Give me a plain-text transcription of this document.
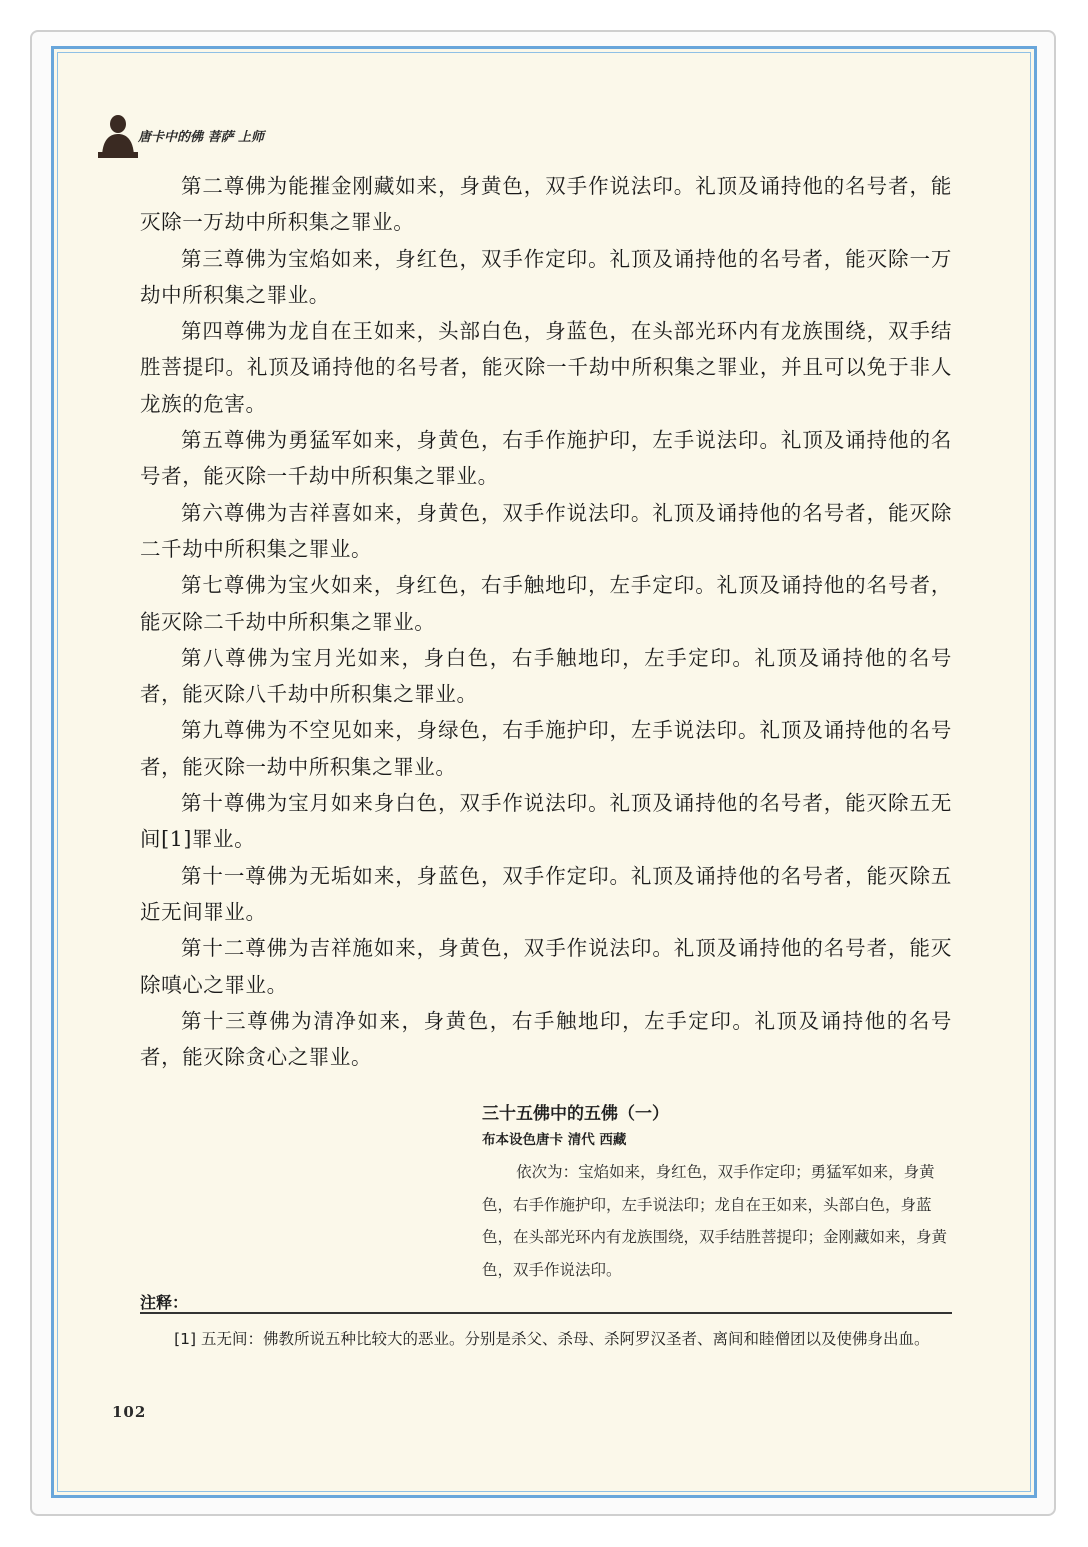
唐卡中的佛 菩萨 上师

第二尊佛为能摧金刚藏如来，身黄色，双手作说法印。礼顶及诵持他的名号者，能灭除一万劫中所积集之罪业。

第三尊佛为宝焰如来，身红色，双手作定印。礼顶及诵持他的名号者，能灭除一万劫中所积集之罪业。

第四尊佛为龙自在王如来，头部白色，身蓝色，在头部光环内有龙族围绕，双手结胜菩提印。礼顶及诵持他的名号者，能灭除一千劫中所积集之罪业，并且可以免于非人龙族的危害。

第五尊佛为勇猛军如来，身黄色，右手作施护印，左手说法印。礼顶及诵持他的名号者，能灭除一千劫中所积集之罪业。

第六尊佛为吉祥喜如来，身黄色，双手作说法印。礼顶及诵持他的名号者，能灭除二千劫中所积集之罪业。

第七尊佛为宝火如来，身红色，右手触地印，左手定印。礼顶及诵持他的名号者，能灭除二千劫中所积集之罪业。

第八尊佛为宝月光如来，身白色，右手触地印，左手定印。礼顶及诵持他的名号者，能灭除八千劫中所积集之罪业。

第九尊佛为不空见如来，身绿色，右手施护印，左手说法印。礼顶及诵持他的名号者，能灭除一劫中所积集之罪业。

第十尊佛为宝月如来身白色，双手作说法印。礼顶及诵持他的名号者，能灭除五无间[1]罪业。

第十一尊佛为无垢如来，身蓝色，双手作定印。礼顶及诵持他的名号者，能灭除五近无间罪业。

第十二尊佛为吉祥施如来，身黄色，双手作说法印。礼顶及诵持他的名号者，能灭除嗔心之罪业。

第十三尊佛为清净如来，身黄色，右手触地印，左手定印。礼顶及诵持他的名号者，能灭除贪心之罪业。

三十五佛中的五佛（一）
布本设色唐卡 清代 西藏

依次为：宝焰如来，身红色，双手作定印；勇猛军如来，身黄色，右手作施护印，左手说法印；龙自在王如来，头部白色，身蓝色，在头部光环内有龙族围绕，双手结胜菩提印；金刚藏如来，身黄色，双手作说法印。

注释：

[1] 五无间：佛教所说五种比较大的恶业。分别是杀父、杀母、杀阿罗汉圣者、离间和睦僧团以及使佛身出血。

102
